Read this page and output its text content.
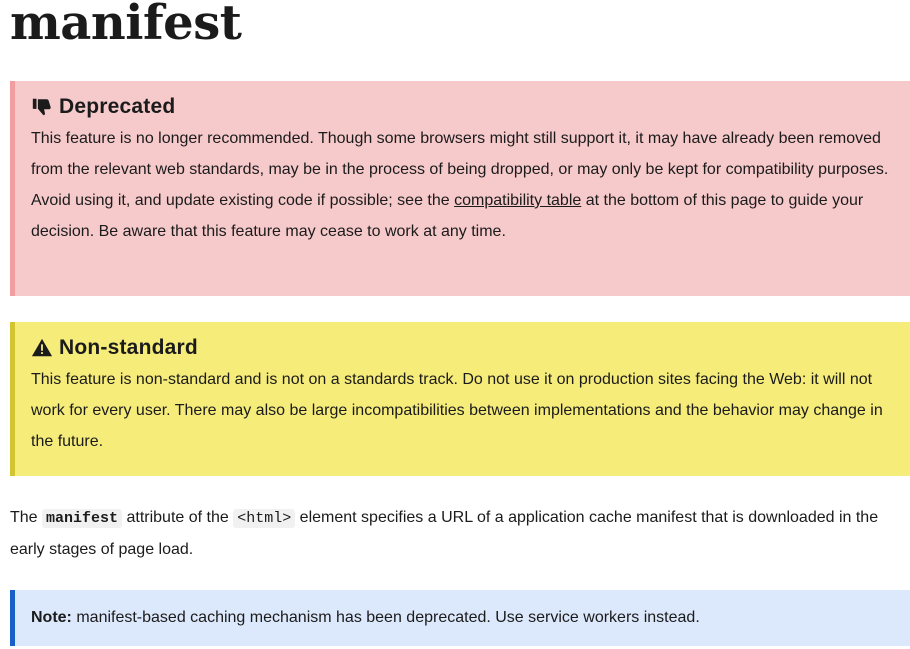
manifest
Deprecated

This feature is no longer recommended. Though some browsers might still support it, it may have already been removed from the relevant web standards, may be in the process of being dropped, or may only be kept for compatibility purposes. Avoid using it, and update existing code if possible; see the compatibility table at the bottom of this page to guide your decision. Be aware that this feature may cease to work at any time.

Non-standard

This feature is non-standard and is not on a standards track. Do not use it on production sites facing the Web: it will not work for every user. There may also be large incompatibilities between implementations and the behavior may change in the future.

The manifest attribute of the <html> element specifies a URL of a application cache manifest that is downloaded in the early stages of page load.

Note: manifest-based caching mechanism has been deprecated. Use service workers instead.
